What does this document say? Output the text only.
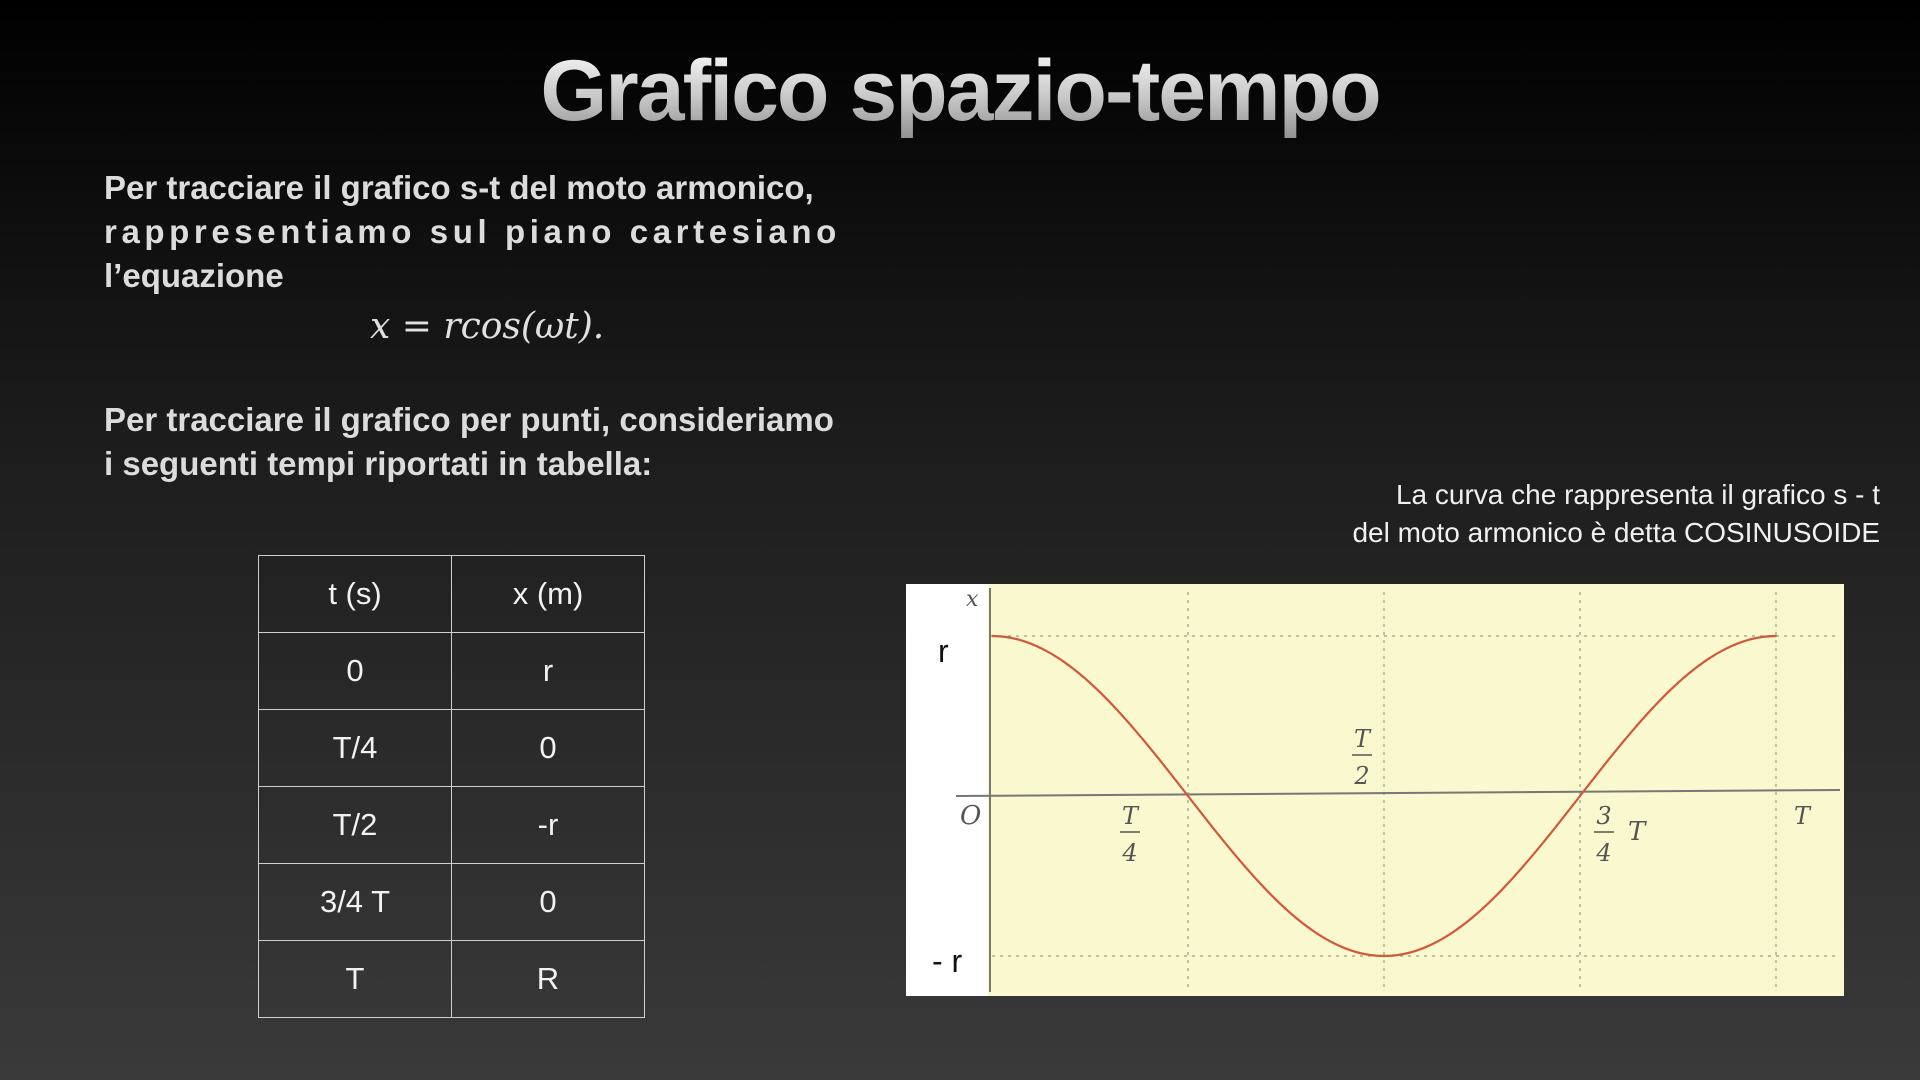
Grafico spazio-tempo
Per tracciare il grafico s-t del moto armonico,
rappresentiamo sul piano cartesiano
l’equazione
x = rcos(ωt).
Per tracciare il grafico per punti, consideriamo
i seguenti tempi riportati in tabella:
t (s)	x (m)
0	r
T/4	0
T/2	-r
3/4 T	0
T	R
La curva che rappresenta il grafico s - t
del moto armonico è detta COSINUSOIDE
x
r
- r
O	T
4
T
2
3
4
T
T
